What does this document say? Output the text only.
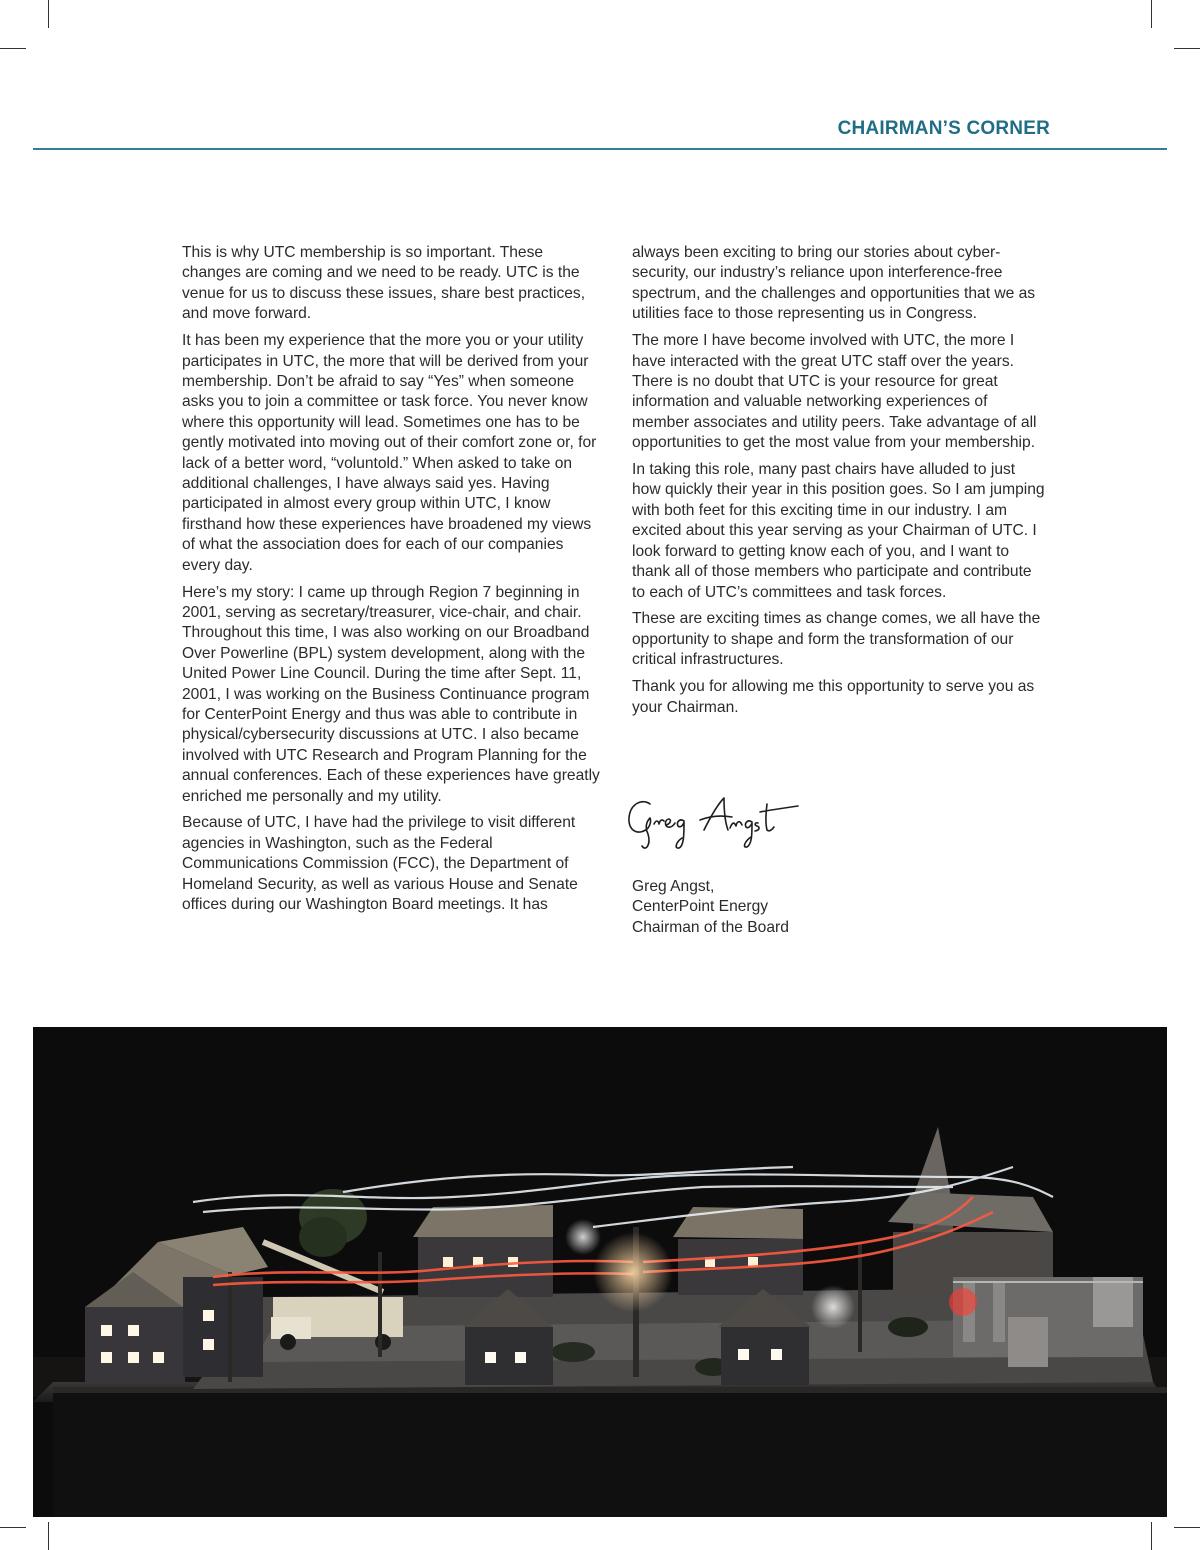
CHAIRMAN’S CORNER

This is why UTC membership is so important. These changes are coming and we need to be ready. UTC is the venue for us to discuss these issues, share best practices, and move forward.

It has been my experience that the more you or your utility participates in UTC, the more that will be derived from your membership. Don’t be afraid to say “Yes” when someone asks you to join a committee or task force. You never know where this opportunity will lead. Sometimes one has to be gently motivated into moving out of their comfort zone or, for lack of a better word, “voluntold.” When asked to take on additional challenges, I have always said yes. Having participated in almost every group within UTC, I know firsthand how these experiences have broadened my views of what the association does for each of our companies every day.

Here’s my story: I came up through Region 7 beginning in 2001, serving as secretary/treasurer, vice-chair, and chair. Throughout this time, I was also working on our Broadband Over Powerline (BPL) system development, along with the United Power Line Council. During the time after Sept. 11, 2001, I was working on the Business Continuance program for CenterPoint Energy and thus was able to contribute in physical/cybersecurity discussions at UTC. I also became involved with UTC Research and Program Planning for the annual conferences. Each of these experiences have greatly enriched me personally and my utility.

Because of UTC, I have had the privilege to visit different agencies in Washington, such as the Federal Communications Commission (FCC), the Department of Homeland Security, as well as various House and Senate offices during our Washington Board meetings. It has

always been exciting to bring our stories about cyber-security, our industry’s reliance upon interference-free spectrum, and the challenges and opportunities that we as utilities face to those representing us in Congress.

The more I have become involved with UTC, the more I have interacted with the great UTC staff over the years. There is no doubt that UTC is your resource for great information and valuable networking experiences of member associates and utility peers. Take advantage of all opportunities to get the most value from your membership.

In taking this role, many past chairs have alluded to just how quickly their year in this position goes. So I am jumping with both feet for this exciting time in our industry. I am excited about this year serving as your Chairman of UTC. I look forward to getting know each of you, and I want to thank all of those members who participate and contribute to each of UTC’s committees and task forces.

These are exciting times as change comes, we all have the opportunity to shape and form the transformation of our critical infrastructures.

Thank you for allowing me this opportunity to serve you as your Chairman.

Greg Angst,
CenterPoint Energy
Chairman of the Board
